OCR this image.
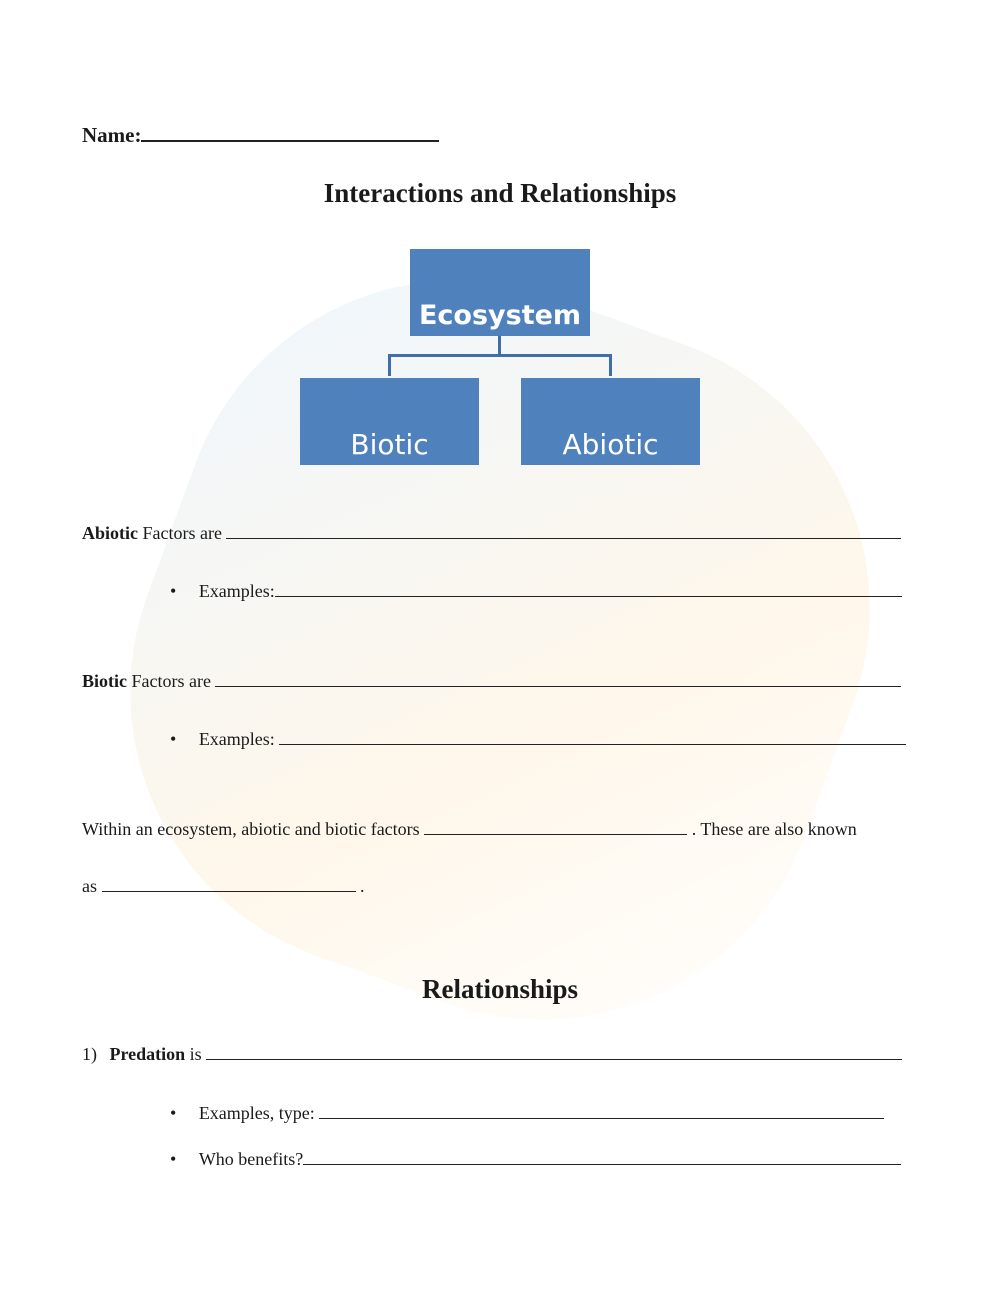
Name:
Interactions and Relationships
Ecosystem
Biotic	Abiotic
Abiotic Factors are
• Examples:
Biotic Factors are
• Examples:
Within an ecosystem, abiotic and biotic factors	. These are also known
as	.
Relationships
1) Predation is
• Examples, type:
• Who benefits?
